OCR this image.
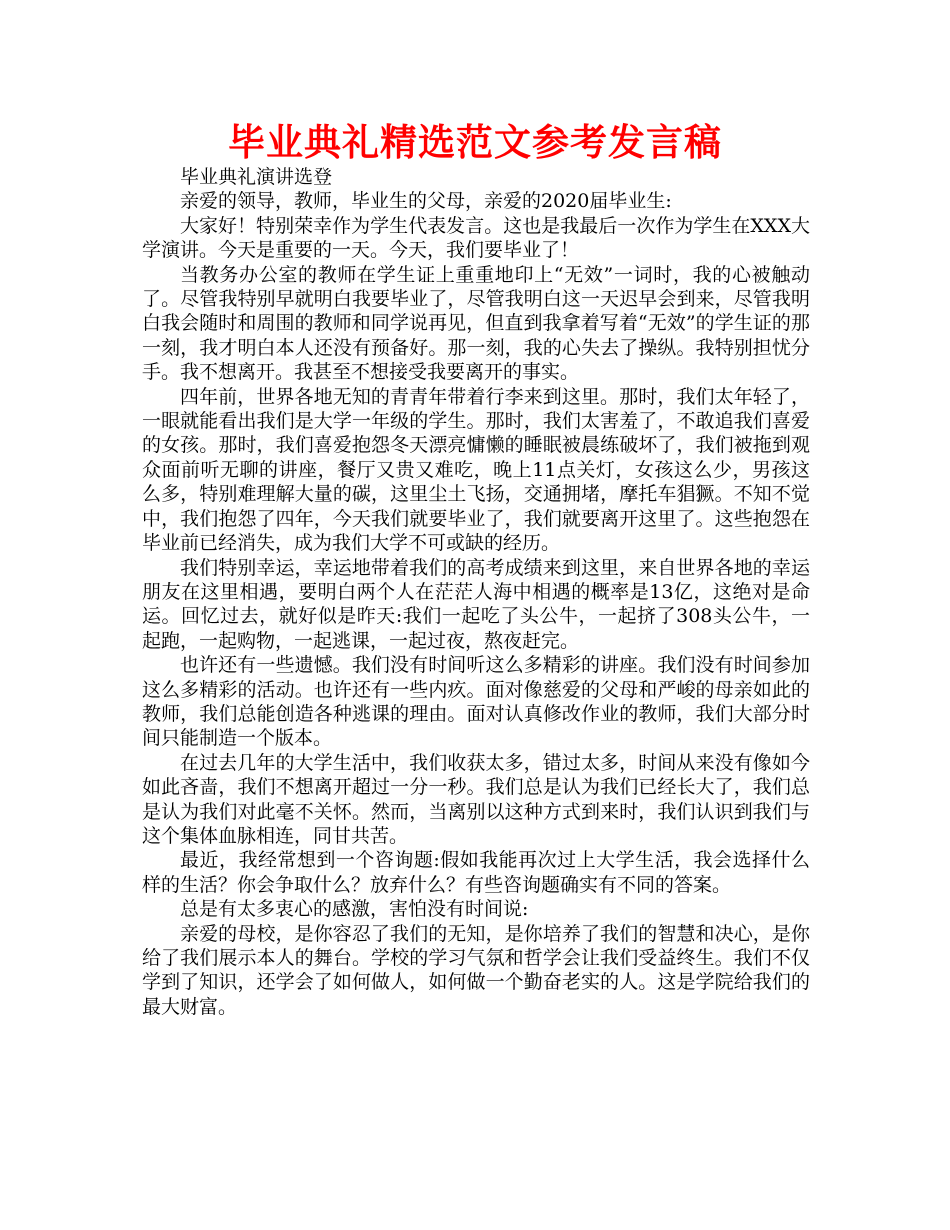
毕业典礼精选范文参考发言稿

毕业典礼演讲选登

亲爱的领导，教师，毕业生的父母，亲爱的2020届毕业生:

大家好！特别荣幸作为学生代表发言。这也是我最后一次作为学生在XXX大学演讲。今天是重要的一天。今天，我们要毕业了！

当教务办公室的教师在学生证上重重地印上“无效”一词时，我的心被触动了。尽管我特别早就明白我要毕业了，尽管我明白这一天迟早会到来，尽管我明白我会随时和周围的教师和同学说再见，但直到我拿着写着“无效”的学生证的那一刻，我才明白本人还没有预备好。那一刻，我的心失去了操纵。我特别担忧分手。我不想离开。我甚至不想接受我要离开的事实。

四年前，世界各地无知的青青年带着行李来到这里。那时，我们太年轻了，一眼就能看出我们是大学一年级的学生。那时，我们太害羞了，不敢追我们喜爱的女孩。那时，我们喜爱抱怨冬天漂亮慵懒的睡眠被晨练破坏了，我们被拖到观众面前听无聊的讲座，餐厅又贵又难吃，晚上11点关灯，女孩这么少，男孩这么多，特别难理解大量的碳，这里尘土飞扬，交通拥堵，摩托车猖獗。不知不觉中，我们抱怨了四年，今天我们就要毕业了，我们就要离开这里了。这些抱怨在毕业前已经消失，成为我们大学不可或缺的经历。

我们特别幸运，幸运地带着我们的高考成绩来到这里，来自世界各地的幸运朋友在这里相遇，要明白两个人在茫茫人海中相遇的概率是13亿，这绝对是命运。回忆过去，就好似是昨天:我们一起吃了头公牛，一起挤了308头公牛，一起跑，一起购物，一起逃课，一起过夜，熬夜赶完。

也许还有一些遗憾。我们没有时间听这么多精彩的讲座。我们没有时间参加这么多精彩的活动。也许还有一些内疚。面对像慈爱的父母和严峻的母亲如此的教师，我们总能创造各种逃课的理由。面对认真修改作业的教师，我们大部分时间只能制造一个版本。

在过去几年的大学生活中，我们收获太多，错过太多，时间从来没有像如今如此吝啬，我们不想离开超过一分一秒。我们总是认为我们已经长大了，我们总是认为我们对此毫不关怀。然而，当离别以这种方式到来时，我们认识到我们与这个集体血脉相连，同甘共苦。

最近，我经常想到一个咨询题:假如我能再次过上大学生活，我会选择什么样的生活？你会争取什么？放弃什么？有些咨询题确实有不同的答案。

总是有太多衷心的感激，害怕没有时间说:

亲爱的母校，是你容忍了我们的无知，是你培养了我们的智慧和决心，是你给了我们展示本人的舞台。学校的学习气氛和哲学会让我们受益终生。我们不仅学到了知识，还学会了如何做人，如何做一个勤奋老实的人。这是学院给我们的最大财富。
